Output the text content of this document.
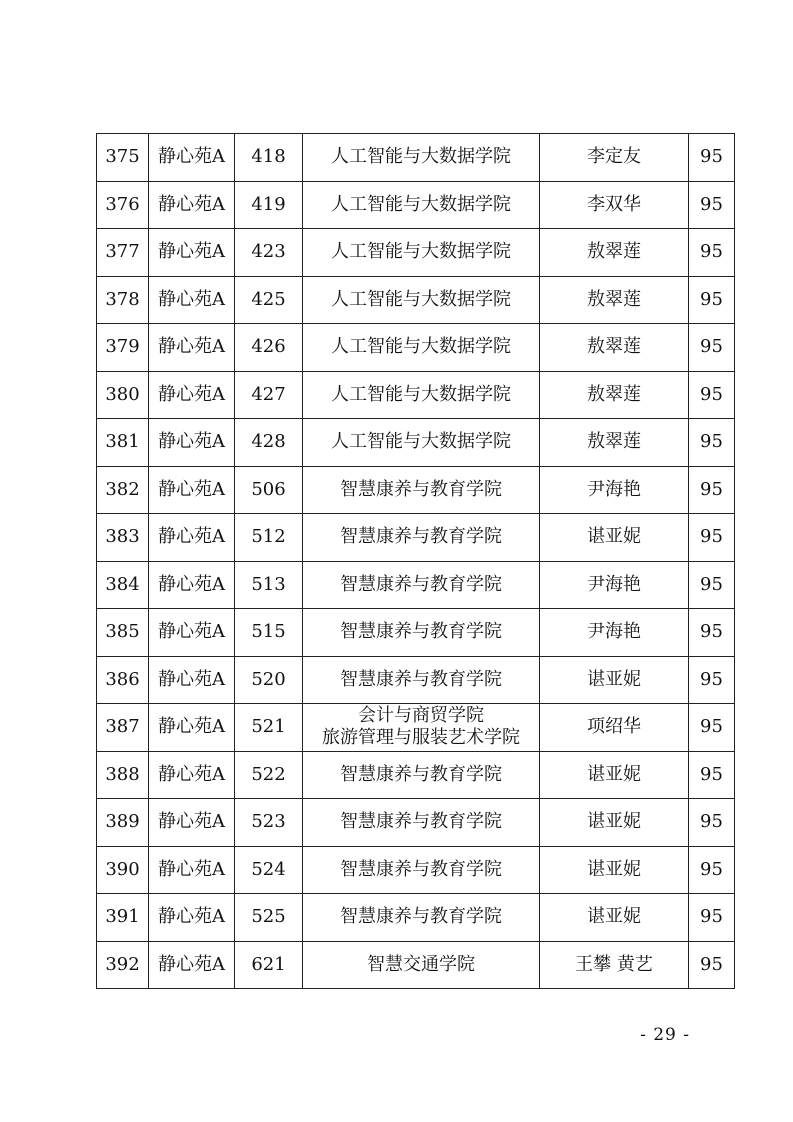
375	静心苑A	418	人工智能与大数据学院	李定友	95
376	静心苑A	419	人工智能与大数据学院	李双华	95
377	静心苑A	423	人工智能与大数据学院	敖翠莲	95
378	静心苑A	425	人工智能与大数据学院	敖翠莲	95
379	静心苑A	426	人工智能与大数据学院	敖翠莲	95
380	静心苑A	427	人工智能与大数据学院	敖翠莲	95
381	静心苑A	428	人工智能与大数据学院	敖翠莲	95
382	静心苑A	506	智慧康养与教育学院	尹海艳	95
383	静心苑A	512	智慧康养与教育学院	谌亚妮	95
384	静心苑A	513	智慧康养与教育学院	尹海艳	95
385	静心苑A	515	智慧康养与教育学院	尹海艳	95
386	静心苑A	520	智慧康养与教育学院	谌亚妮	95
387	静心苑A	521	会计与商贸学院
旅游管理与服装艺术学院	项绍华	95
388	静心苑A	522	智慧康养与教育学院	谌亚妮	95
389	静心苑A	523	智慧康养与教育学院	谌亚妮	95
390	静心苑A	524	智慧康养与教育学院	谌亚妮	95
391	静心苑A	525	智慧康养与教育学院	谌亚妮	95
392	静心苑A	621	智慧交通学院	王攀 黄艺	95
- 29 -
